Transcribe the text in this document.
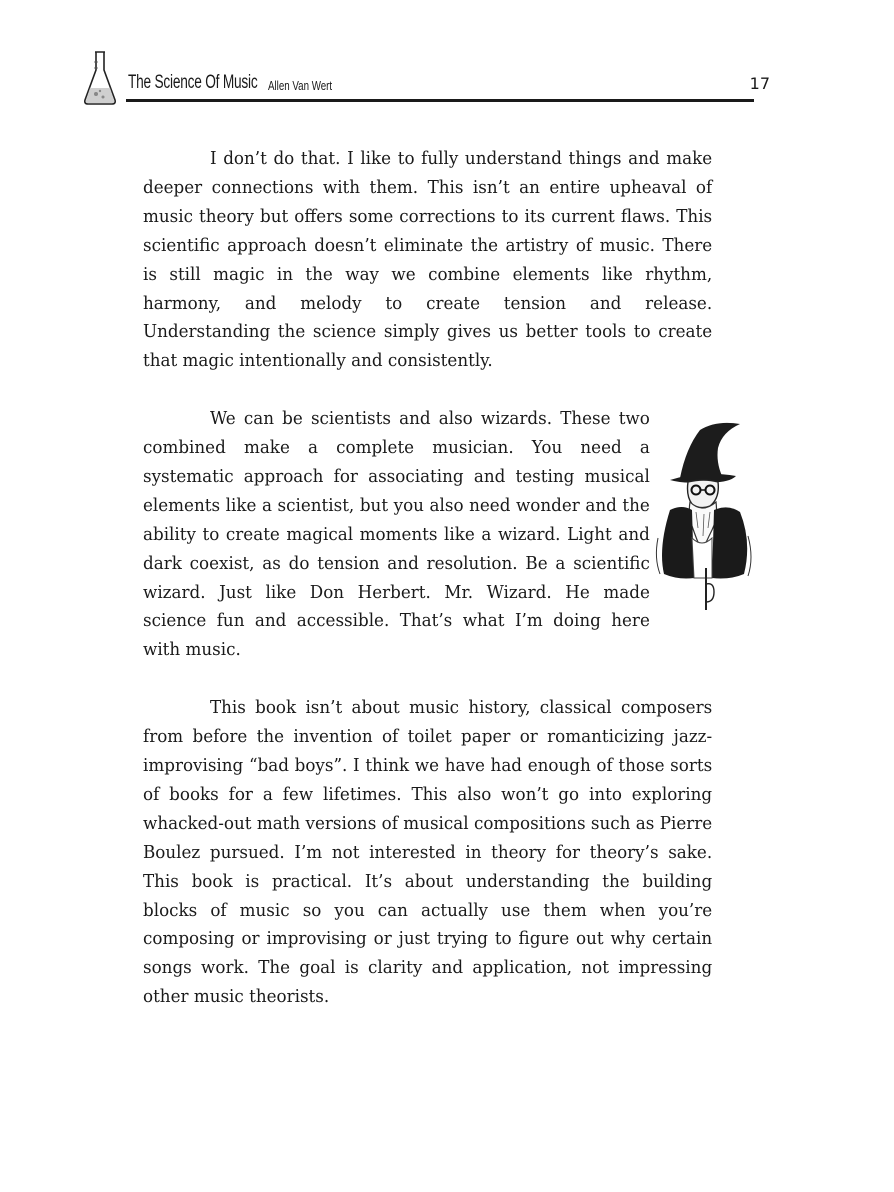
The Science Of Music Allen Van Wert	17

I don’t do that. I like to fully understand things and make deeper connections with them. This isn’t an entire upheaval of music theory but offers some corrections to its current flaws. This scientific approach doesn’t eliminate the artistry of music. There is still magic in the way we combine elements like rhythm, harmony, and melody to create tension and release. Understanding the science simply gives us better tools to create that magic intentionally and consistently.

We can be scientists and also wizards. These two combined make a complete musician. You need a systematic approach for associating and testing musical elements like a scientist, but you also need wonder and the ability to create magical moments like a wizard. Light and dark coexist, as do tension and resolution. Be a scientific wizard. Just like Don Herbert. Mr. Wizard. He made science fun and accessible. That’s what I’m doing here with music.

This book isn’t about music history, classical composers from before the invention of toilet paper or romanticizing jazz-improvising “bad boys”. I think we have had enough of those sorts of books for a few lifetimes. This also won’t go into exploring whacked-out math versions of musical compositions such as Pierre Boulez pursued. I’m not interested in theory for theory’s sake. This book is practical. It’s about understanding the building blocks of music so you can actually use them when you’re composing or improvising or just trying to figure out why certain songs work. The goal is clarity and application, not impressing other music theorists.
